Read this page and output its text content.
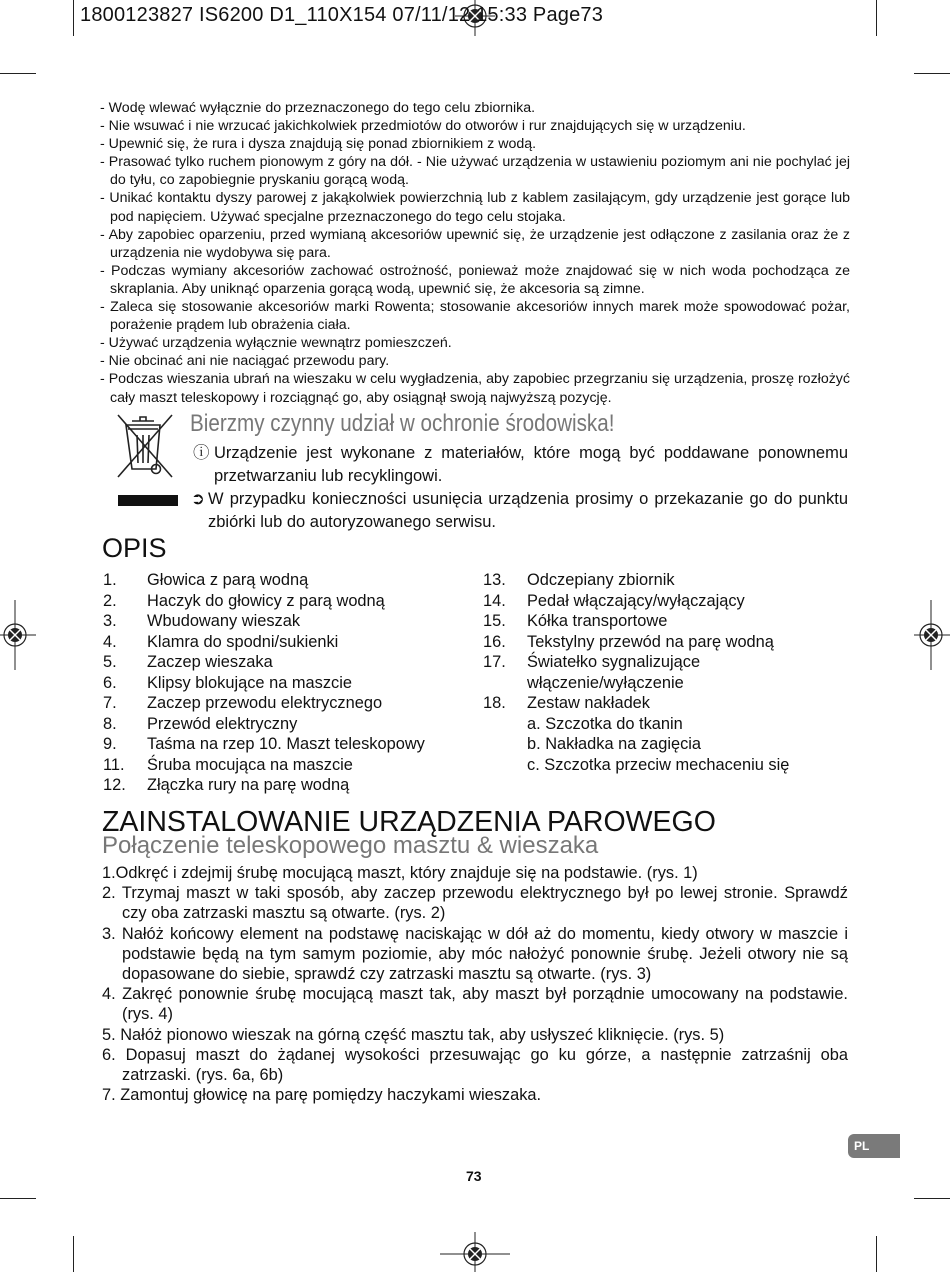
1800123827 IS6200 D1_110X154 07/11/12 15:33 Page73
- Wodę wlewać wyłącznie do przeznaczonego do tego celu zbiornika.
- Nie wsuwać i nie wrzucać jakichkolwiek przedmiotów do otworów i rur znajdujących się w urządzeniu.
- Upewnić się, że rura i dysza znajdują się ponad zbiornikiem z wodą.
- Prasować tylko ruchem pionowym z góry na dół. - Nie używać urządzenia w ustawieniu poziomym ani nie pochylać jej do tyłu, co zapobiegnie pryskaniu gorącą wodą.
- Unikać kontaktu dyszy parowej z jakąkolwiek powierzchnią lub z kablem zasilającym, gdy urządzenie jest gorące lub pod napięciem. Używać specjalne przeznaczonego do tego celu stojaka.
- Aby zapobiec oparzeniu, przed wymianą akcesoriów upewnić się, że urządzenie jest odłączone z zasilania oraz że z urządzenia nie wydobywa się para.
- Podczas wymiany akcesoriów zachować ostrożność, ponieważ może znajdować się w nich woda pochodząca ze skraplania. Aby uniknąć oparzenia gorącą wodą, upewnić się, że akcesoria są zimne.
- Zaleca się stosowanie akcesoriów marki Rowenta; stosowanie akcesoriów innych marek może spowodować pożar, porażenie prądem lub obrażenia ciała.
- Używać urządzenia wyłącznie wewnątrz pomieszczeń.
- Nie obcinać ani nie naciągać przewodu pary.
- Podczas wieszania ubrań na wieszaku w celu wygładzenia, aby zapobiec przegrzaniu się urządzenia, proszę rozłożyć cały maszt teleskopowy i rozciągnąć go, aby osiągnął swoją najwyższą pozycję.
Bierzmy czynny udział w ochronie środowiska!
ⓘ Urządzenie jest wykonane z materiałów, które mogą być poddawane ponownemu przetwarzaniu lub recyklingowi.
➲ W przypadku konieczności usunięcia urządzenia prosimy o przekazanie go do punktu zbiórki lub do autoryzowanego serwisu.
OPIS
1.	Głowica z parą wodną
2.	Haczyk do głowicy z parą wodną
3.	Wbudowany wieszak
4.	Klamra do spodni/sukienki
5.	Zaczep wieszaka
6.	Klipsy blokujące na maszcie
7.	Zaczep przewodu elektrycznego
8.	Przewód elektryczny
9.	Taśma na rzep 10. Maszt teleskopowy
11.	Śruba mocująca na maszcie
12.	Złączka rury na parę wodną
13.	Odczepiany zbiornik
14.	Pedał włączający/wyłączający
15.	Kółka transportowe
16.	Tekstylny przewód na parę wodną
17.	Światełko sygnalizujące
włączenie/wyłączenie
18.	Zestaw nakładek
a. Szczotka do tkanin
b. Nakładka na zagięcia
c. Szczotka przeciw mechaceniu się
ZAINSTALOWANIE URZĄDZENIA PAROWEGO
Połączenie teleskopowego masztu & wieszaka
1.Odkręć i zdejmij śrubę mocującą maszt, który znajduje się na podstawie. (rys. 1)
2. Trzymaj maszt w taki sposób, aby zaczep przewodu elektrycznego był po lewej stronie. Sprawdź czy oba zatrzaski masztu są otwarte. (rys. 2)
3. Nałóż końcowy element na podstawę naciskając w dół aż do momentu, kiedy otwory w maszcie i podstawie będą na tym samym poziomie, aby móc nałożyć ponownie śrubę. Jeżeli otwory nie są dopasowane do siebie, sprawdź czy zatrzaski masztu są otwarte. (rys. 3)
4. Zakręć ponownie śrubę mocującą maszt tak, aby maszt był porządnie umocowany na podstawie. (rys. 4)
5. Nałóż pionowo wieszak na górną część masztu tak, aby usłyszeć kliknięcie. (rys. 5)
6. Dopasuj maszt do żądanej wysokości przesuwając go ku górze, a następnie zatrzaśnij oba zatrzaski. (rys. 6a, 6b)
7. Zamontuj głowicę na parę pomiędzy haczykami wieszaka.
PL
73
